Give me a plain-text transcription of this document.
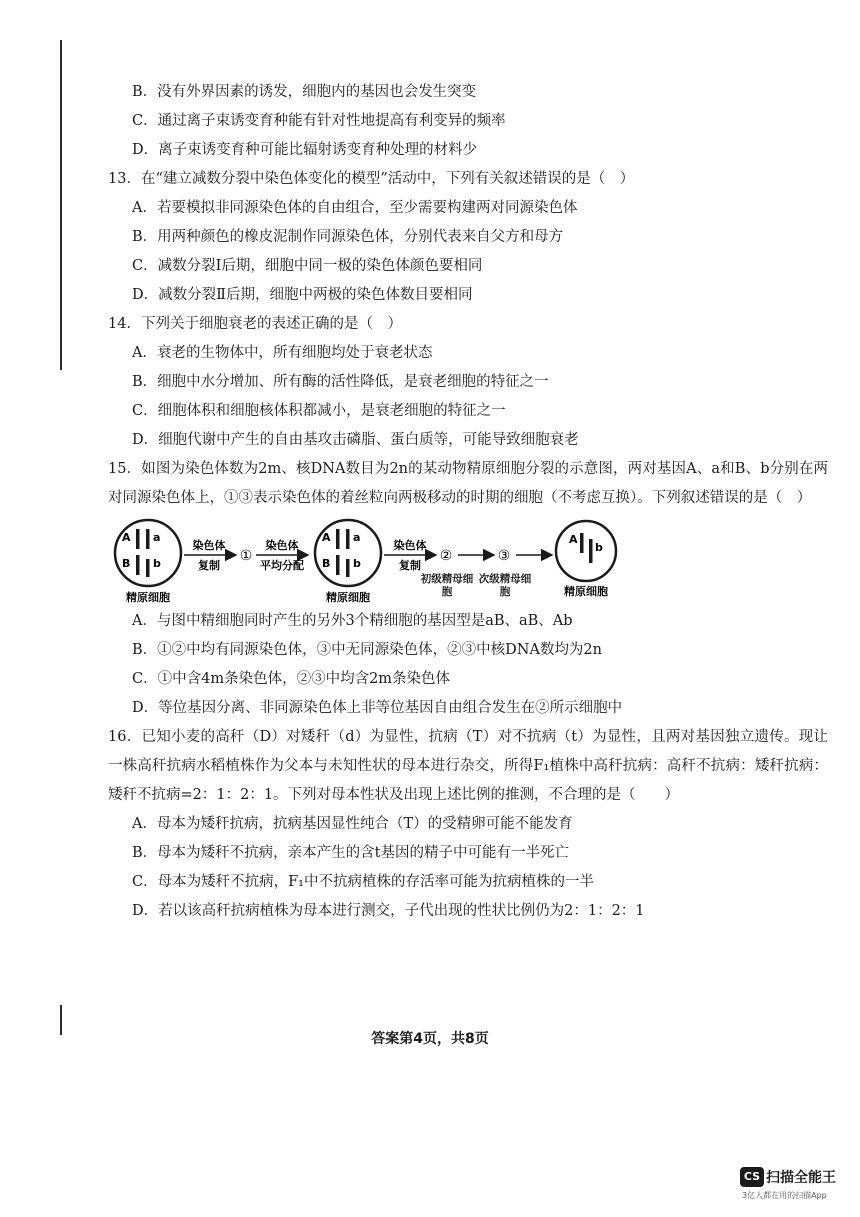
B．没有外界因素的诱发，细胞内的基因也会发生突变
C．通过离子束诱变育种能有针对性地提高有利变异的频率
D．离子束诱变育种可能比辐射诱变育种处理的材料少
13．在“建立减数分裂中染色体变化的模型”活动中，下列有关叙述错误的是（　）
A．若要模拟非同源染色体的自由组合，至少需要构建两对同源染色体
B．用两种颜色的橡皮泥制作同源染色体，分别代表来自父方和母方
C．减数分裂Ⅰ后期，细胞中同一极的染色体颜色要相同
D．减数分裂Ⅱ后期，细胞中两极的染色体数目要相同
14．下列关于细胞衰老的表述正确的是（　）
A．衰老的生物体中，所有细胞均处于衰老状态
B．细胞中水分增加、所有酶的活性降低，是衰老细胞的特征之一
C．细胞体积和细胞核体积都减小，是衰老细胞的特征之一
D．细胞代谢中产生的自由基攻击磷脂、蛋白质等，可能导致细胞衰老
15．如图为染色体数为2m、核DNA数目为2n的某动物精原细胞分裂的示意图，两对基因A、a和B、b分别在两对同源染色体上，①③表示染色体的着丝粒向两极移动的时期的细胞（不考虑互换）。下列叙述错误的是（　）
A a
B b
精原细胞
染色体
复制
①
染色体
平均分配
A a
B b
精原细胞
染色体
复制
②	③
初级精母细胞
次级精母细胞
A
b
精原细胞
A．与图中精细胞同时产生的另外3个精细胞的基因型是aB、aB、Ab
B．①②中均有同源染色体，③中无同源染色体，②③中核DNA数均为2n
C．①中含4m条染色体，②③中均含2m条染色体
D．等位基因分离、非同源染色体上非等位基因自由组合发生在②所示细胞中
16．已知小麦的高秆（D）对矮秆（d）为显性，抗病（T）对不抗病（t）为显性，且两对基因独立遗传。现让一株高秆抗病水稻植株作为父本与未知性状的母本进行杂交，所得F₁植株中高秆抗病：高秆不抗病：矮秆抗病：矮秆不抗病=2：1：2：1。下列对母本性状及出现上述比例的推测，不合理的是（　　）
A．母本为矮秆抗病，抗病基因显性纯合（T）的受精卵可能不能发育
B．母本为矮秆不抗病，亲本产生的含t基因的精子中可能有一半死亡
C．母本为矮秆不抗病，F₁中不抗病植株的存活率可能为抗病植株的一半
D．若以该高秆抗病植株为母本进行测交，子代出现的性状比例仍为2：1：2：1
答案第4页，共8页
CS 扫描全能王
3亿人都在用的扫描App
